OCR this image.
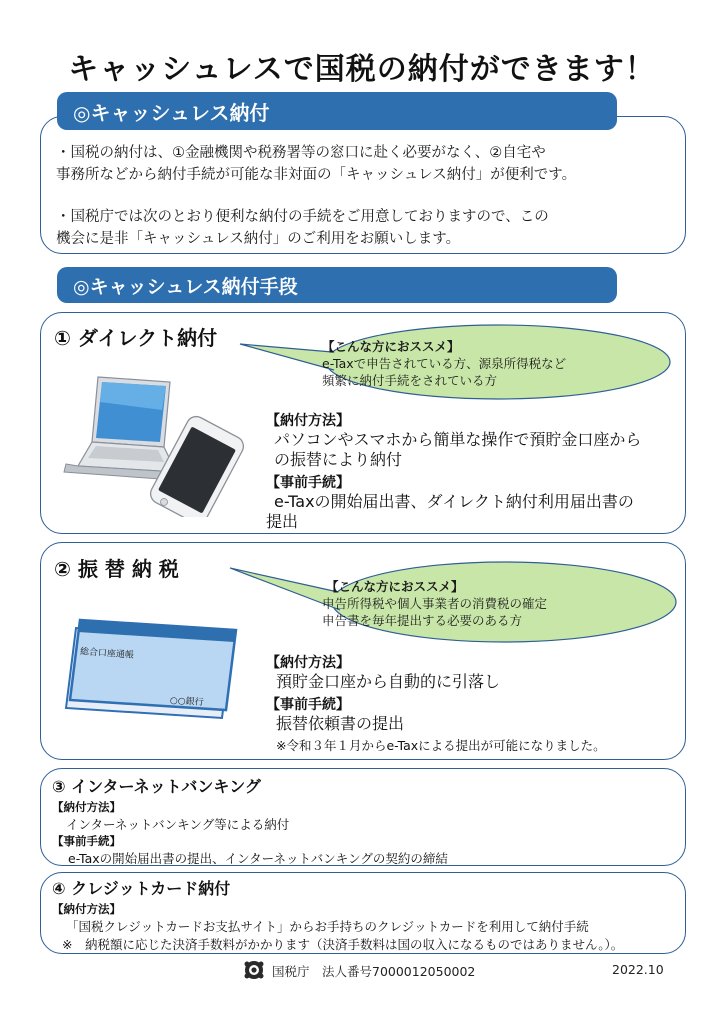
キャッシュレスで国税の納付ができます！
◎キャッシュレス納付
・国税の納付は、①金融機関や税務署等の窓口に赴く必要がなく、②自宅や
事務所などから納付手続が可能な非対面の「キャッシュレス納付」が便利です。
・国税庁では次のとおり便利な納付の手続をご用意しておりますので、この
機会に是非「キャッシュレス納付」のご利用をお願いします。
◎キャッシュレス納付手段
① ダイレクト納付	【こんな方におススメ】
e-Taxで申告されている方、源泉所得税など
頻繁に納付手続をされている方
【納付方法】
パソコンやスマホから簡単な操作で預貯金口座から
の振替により納付
【事前手続】
e-Taxの開始届出書、ダイレクト納付利用届出書の
提出
② 振 替 納 税
【こんな方におススメ】
申告所得税や個人事業者の消費税の確定
申告書を毎年提出する必要のある方
総合口座通帳
○○銀行
【納付方法】
預貯金口座から自動的に引落し
【事前手続】
振替依頼書の提出
※令和３年１月からe-Taxによる提出が可能になりました。
③ インターネットバンキング
【納付方法】
インターネットバンキング等による納付
【事前手続】
e-Taxの開始届出書の提出、インターネットバンキングの契約の締結
④ クレジットカード納付
【納付方法】
「国税クレジットカードお支払サイト」からお手持ちのクレジットカードを利用して納付手続
※　納税額に応じた決済手数料がかかります（決済手数料は国の収入になるものではありません。）。
国税庁　法人番号7000012050002	2022.10
